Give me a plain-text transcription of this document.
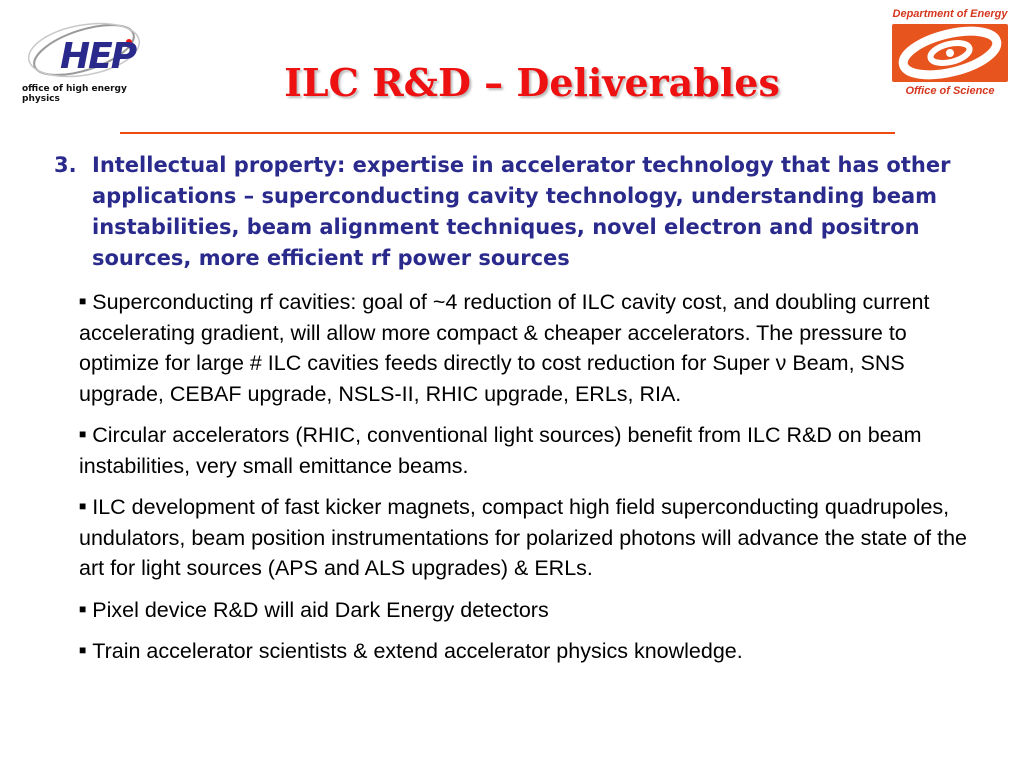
HEP
office of high energy physics
Department of Energy
Office of Science
ILC R&D – Deliverables
3. Intellectual property: expertise in accelerator technology that has other applications – superconducting cavity technology, understanding beam instabilities, beam alignment techniques, novel electron and positron sources, more efficient rf power sources
■ Superconducting rf cavities: goal of ~4 reduction of ILC cavity cost, and doubling current accelerating gradient, will allow more compact & cheaper accelerators. The pressure to optimize for large # ILC cavities feeds directly to cost reduction for Super ν Beam, SNS upgrade, CEBAF upgrade, NSLS-II, RHIC upgrade, ERLs, RIA.
■ Circular accelerators (RHIC, conventional light sources) benefit from ILC R&D on beam instabilities, very small emittance beams.
■ ILC development of fast kicker magnets, compact high field superconducting quadrupoles, undulators, beam position instrumentations for polarized photons will advance the state of the art for light sources (APS and ALS upgrades) & ERLs.
■ Pixel device R&D will aid Dark Energy detectors
■ Train accelerator scientists & extend accelerator physics knowledge.
